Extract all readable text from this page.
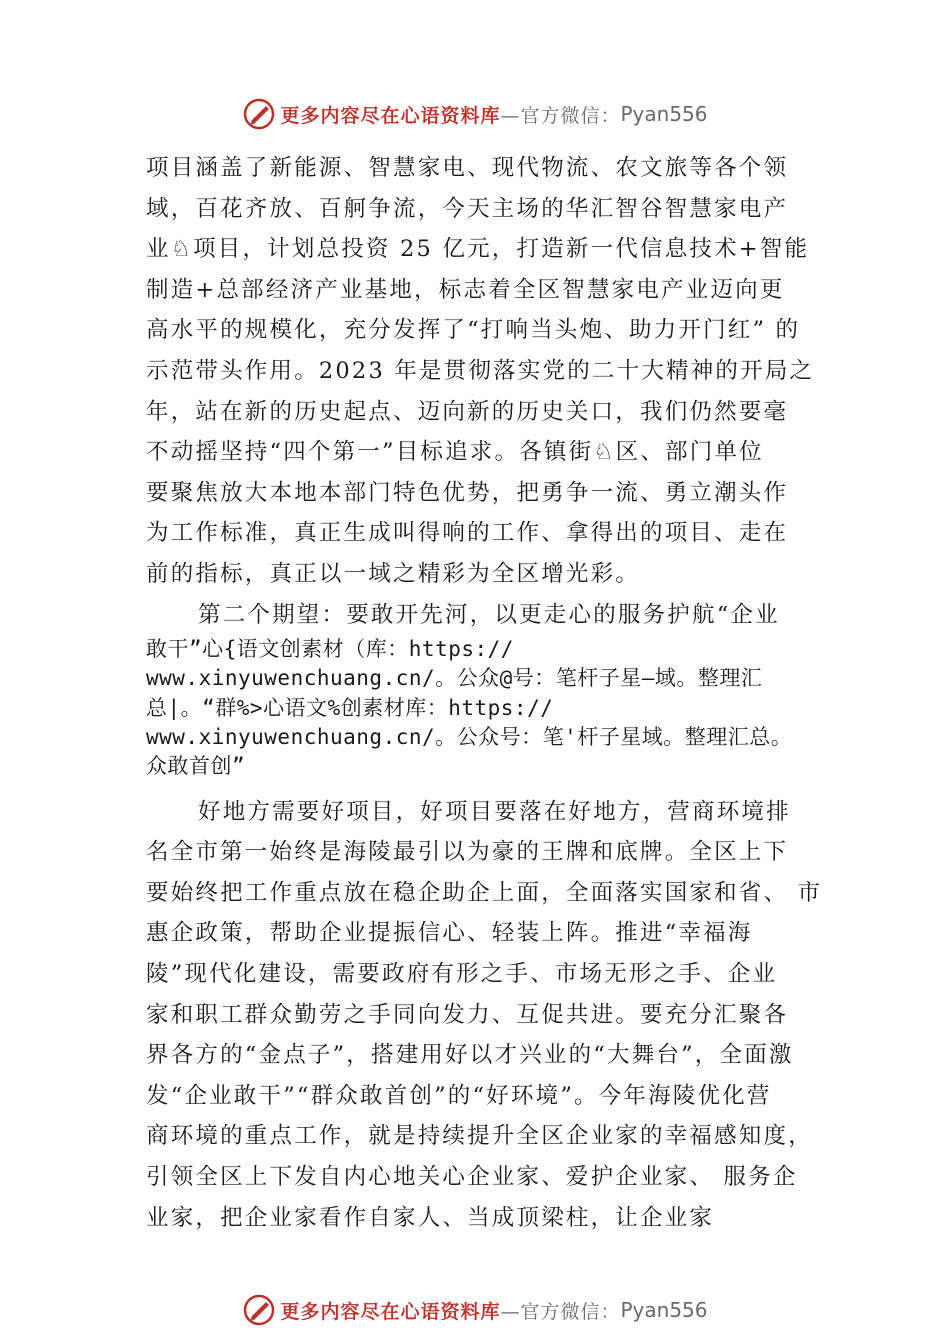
更多内容尽在心语资料库 —官方微信： Pyan556
项目涵盖了新能源、智慧家电、现代物流、农文旅等各个领
域，百花齐放、百舸争流，今天主场的华汇智谷智慧家电产
业♘项目，计划总投资 25 亿元，打造新一代信息技术+智能
制造+总部经济产业基地，标志着全区智慧家电产业迈向更
高水平的规模化，充分发挥了“打响当头炮、助力开门红” 的
示范带头作用。2023 年是贯彻落实党的二十大精神的开局之
年，站在新的历史起点、迈向新的历史关口，我们仍然要毫
不动摇坚持“四个第一”目标追求。各镇街♘区、部门单位
要聚焦放大本地本部门特色优势，把勇争一流、勇立潮头作
为工作标准，真正生成叫得响的工作、拿得出的项目、走在
前的指标，真正以一域之精彩为全区增光彩。
第二个期望：要敢开先河，以更走心的服务护航“企业
敢干”心{语文创素材（库：https://
www.xinyuwenchuang.cn/。公众@号：笔杆子星—域。整理汇
总|。“群%>心语文%创素材库：https://
www.xinyuwenchuang.cn/。公众号：笔'杆子星域。整理汇总。
众敢首创”
好地方需要好项目，好项目要落在好地方，营商环境排
名全市第一始终是海陵最引以为豪的王牌和底牌。全区上下
要始终把工作重点放在稳企助企上面，全面落实国家和省、 市
惠企政策，帮助企业提振信心、轻装上阵。推进“幸福海
陵”现代化建设，需要政府有形之手、市场无形之手、企业
家和职工群众勤劳之手同向发力、互促共进。要充分汇聚各
界各方的“金点子”，搭建用好以才兴业的“大舞台”，全面激
发“企业敢干”“群众敢首创”的“好环境”。今年海陵优化营
商环境的重点工作，就是持续提升全区企业家的幸福感知度，
引领全区上下发自内心地关心企业家、爱护企业家、 服务企
业家，把企业家看作自家人、当成顶梁柱，让企业家
更多内容尽在心语资料库 —官方微信： Pyan556
